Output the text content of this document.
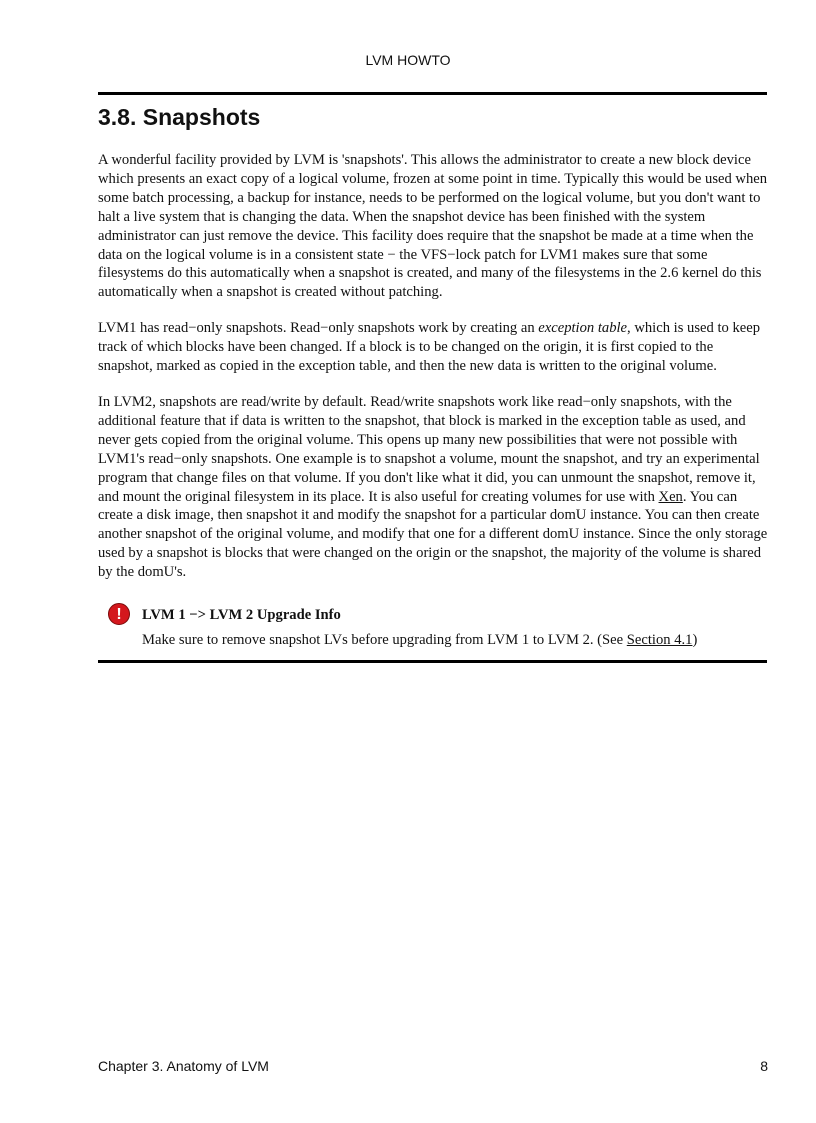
LVM HOWTO
3.8. Snapshots

A wonderful facility provided by LVM is 'snapshots'. This allows the administrator to create a new block device which presents an exact copy of a logical volume, frozen at some point in time. Typically this would be used when some batch processing, a backup for instance, needs to be performed on the logical volume, but you don't want to halt a live system that is changing the data. When the snapshot device has been finished with the system administrator can just remove the device. This facility does require that the snapshot be made at a time when the data on the logical volume is in a consistent state − the VFS−lock patch for LVM1 makes sure that some filesystems do this automatically when a snapshot is created, and many of the filesystems in the 2.6 kernel do this automatically when a snapshot is created without patching.

LVM1 has read−only snapshots. Read−only snapshots work by creating an exception table, which is used to keep track of which blocks have been changed. If a block is to be changed on the origin, it is first copied to the snapshot, marked as copied in the exception table, and then the new data is written to the original volume.

In LVM2, snapshots are read/write by default. Read/write snapshots work like read−only snapshots, with the additional feature that if data is written to the snapshot, that block is marked in the exception table as used, and never gets copied from the original volume. This opens up many new possibilities that were not possible with LVM1's read−only snapshots. One example is to snapshot a volume, mount the snapshot, and try an experimental program that change files on that volume. If you don't like what it did, you can unmount the snapshot, remove it, and mount the original filesystem in its place. It is also useful for creating volumes for use with Xen. You can create a disk image, then snapshot it and modify the snapshot for a particular domU instance. You can then create another snapshot of the original volume, and modify that one for a different domU instance. Since the only storage used by a snapshot is blocks that were changed on the origin or the snapshot, the majority of the volume is shared by the domU's.

!	LVM 1 −> LVM 2 Upgrade Info
Make sure to remove snapshot LVs before upgrading from LVM 1 to LVM 2. (See Section 4.1)
Chapter 3. Anatomy of LVM	8
